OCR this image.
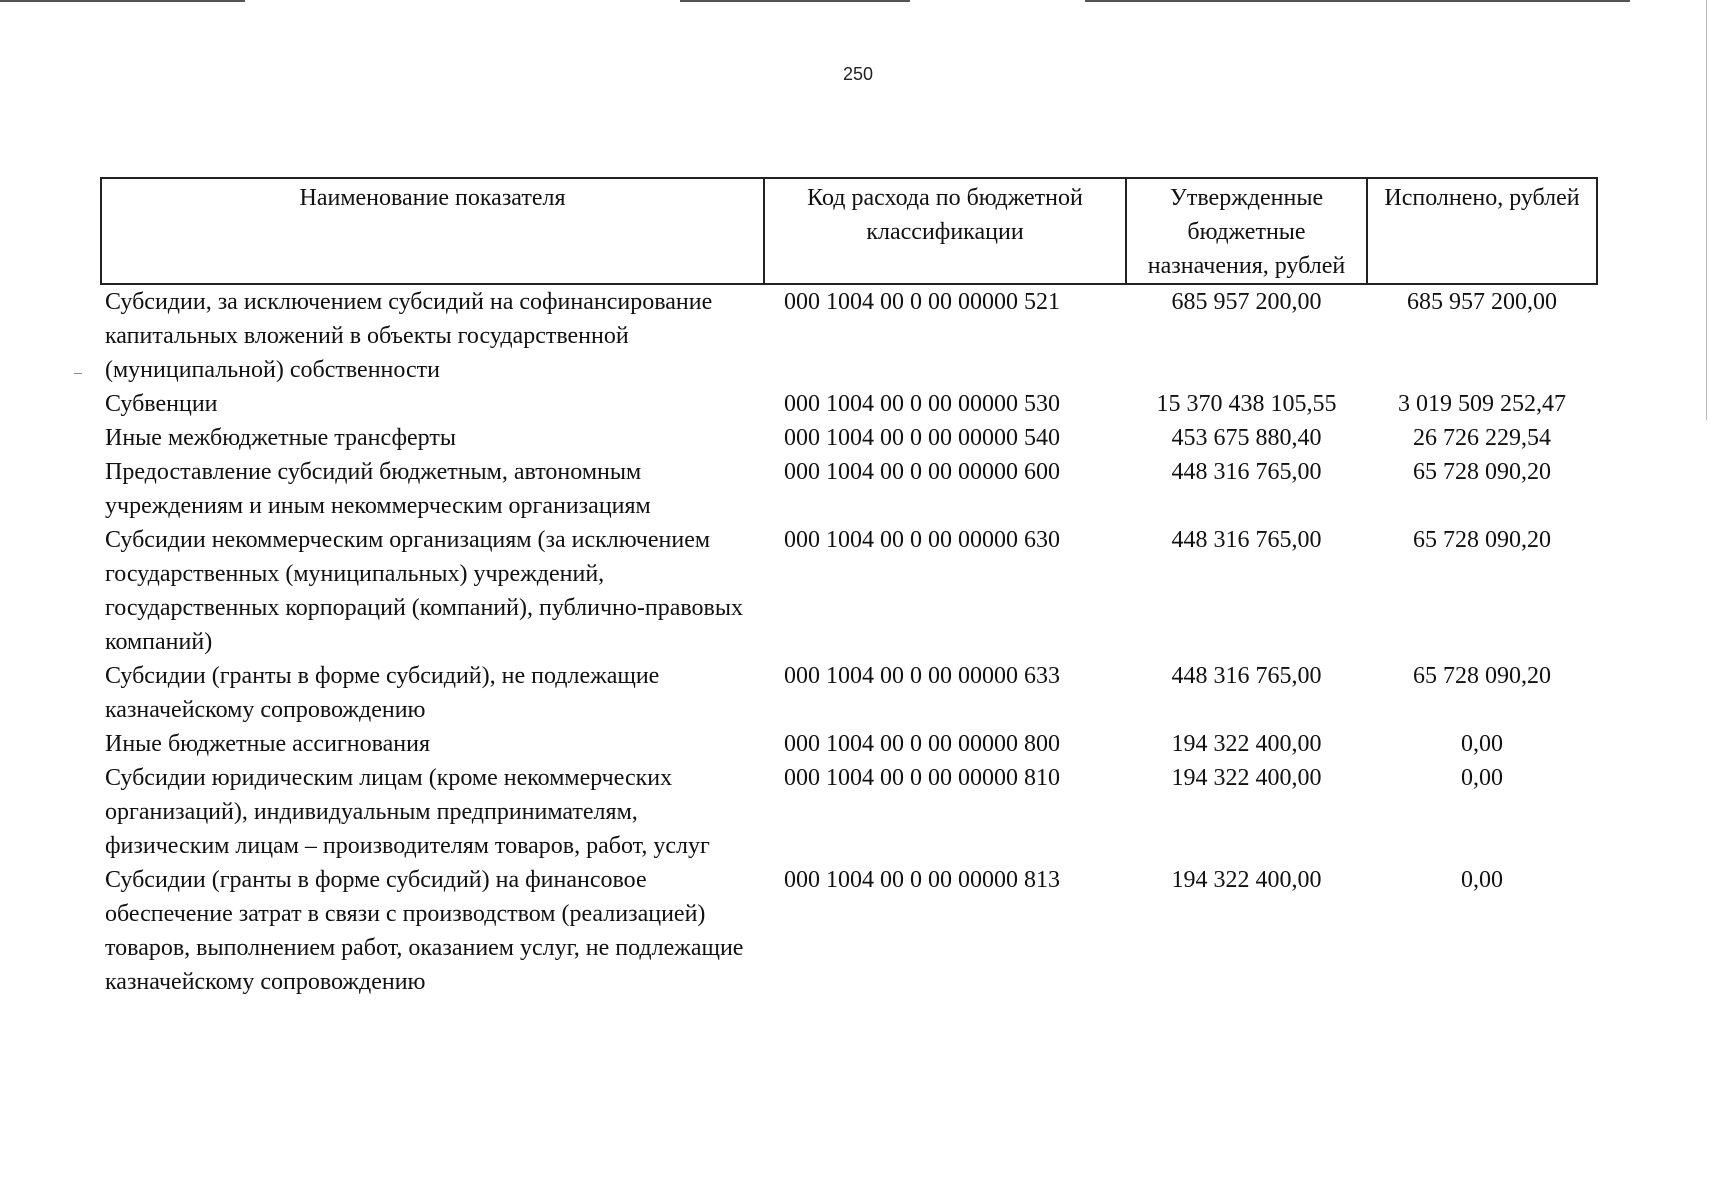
250
Наименование показателя	Код расхода по бюджетной классификации	Утвержденные бюджетные назначения, рублей	Исполнено, рублей
Субсидии, за исключением субсидий на софинансирование капитальных вложений в объекты государственной (муниципальной) собственности	000 1004 00 0 00 00000 521	685 957 200,00	685 957 200,00
Субвенции	000 1004 00 0 00 00000 530	15 370 438 105,55	3 019 509 252,47
Иные межбюджетные трансферты	000 1004 00 0 00 00000 540	453 675 880,40	26 726 229,54
Предоставление субсидий бюджетным, автономным учреждениям и иным некоммерческим организациям	000 1004 00 0 00 00000 600	448 316 765,00	65 728 090,20
Субсидии некоммерческим организациям (за исключением государственных (муниципальных) учреждений, государственных корпораций (компаний), публично-правовых компаний)	000 1004 00 0 00 00000 630	448 316 765,00	65 728 090,20
Субсидии (гранты в форме субсидий), не подлежащие казначейскому сопровождению	000 1004 00 0 00 00000 633	448 316 765,00	65 728 090,20
Иные бюджетные ассигнования	000 1004 00 0 00 00000 800	194 322 400,00	0,00
Субсидии юридическим лицам (кроме некоммерческих организаций), индивидуальным предпринимателям, физическим лицам – производителям товаров, работ, услуг	000 1004 00 0 00 00000 810	194 322 400,00	0,00
Субсидии (гранты в форме субсидий) на финансовое обеспечение затрат в связи с производством (реализацией) товаров, выполнением работ, оказанием услуг, не подлежащие казначейскому сопровождению	000 1004 00 0 00 00000 813	194 322 400,00	0,00
